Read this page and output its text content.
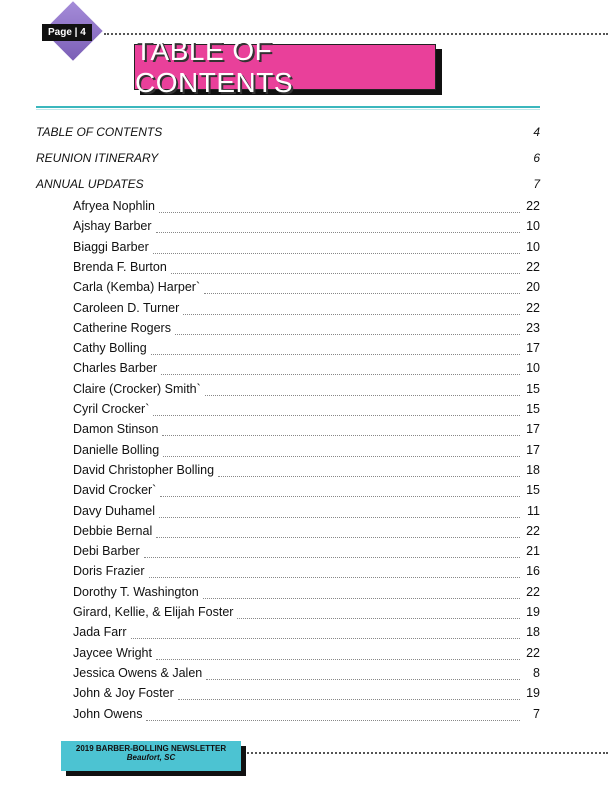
Page | 4
TABLE OF CONTENTS
TABLE OF CONTENTS	4
REUNION ITINERARY	6
ANNUAL UPDATES	7
Afryea Nophlin	22
Ajshay Barber	10
Biaggi Barber	10
Brenda F. Burton	22
Carla (Kemba) Harper`	20
Caroleen D. Turner	22
Catherine Rogers	23
Cathy Bolling	17
Charles Barber	10
Claire (Crocker) Smith`	15
Cyril Crocker`	15
Damon Stinson	17
Danielle Bolling	17
David Christopher Bolling	18
David Crocker`	15
Davy Duhamel	11
Debbie Bernal	22
Debi Barber	21
Doris Frazier	16
Dorothy T. Washington	22
Girard, Kellie, & Elijah Foster	19
Jada Farr	18
Jaycee Wright	22
Jessica Owens & Jalen	8
John & Joy Foster	19
John Owens	7
2019 BARBER-BOLLING NEWSLETTER
Beaufort, SC
